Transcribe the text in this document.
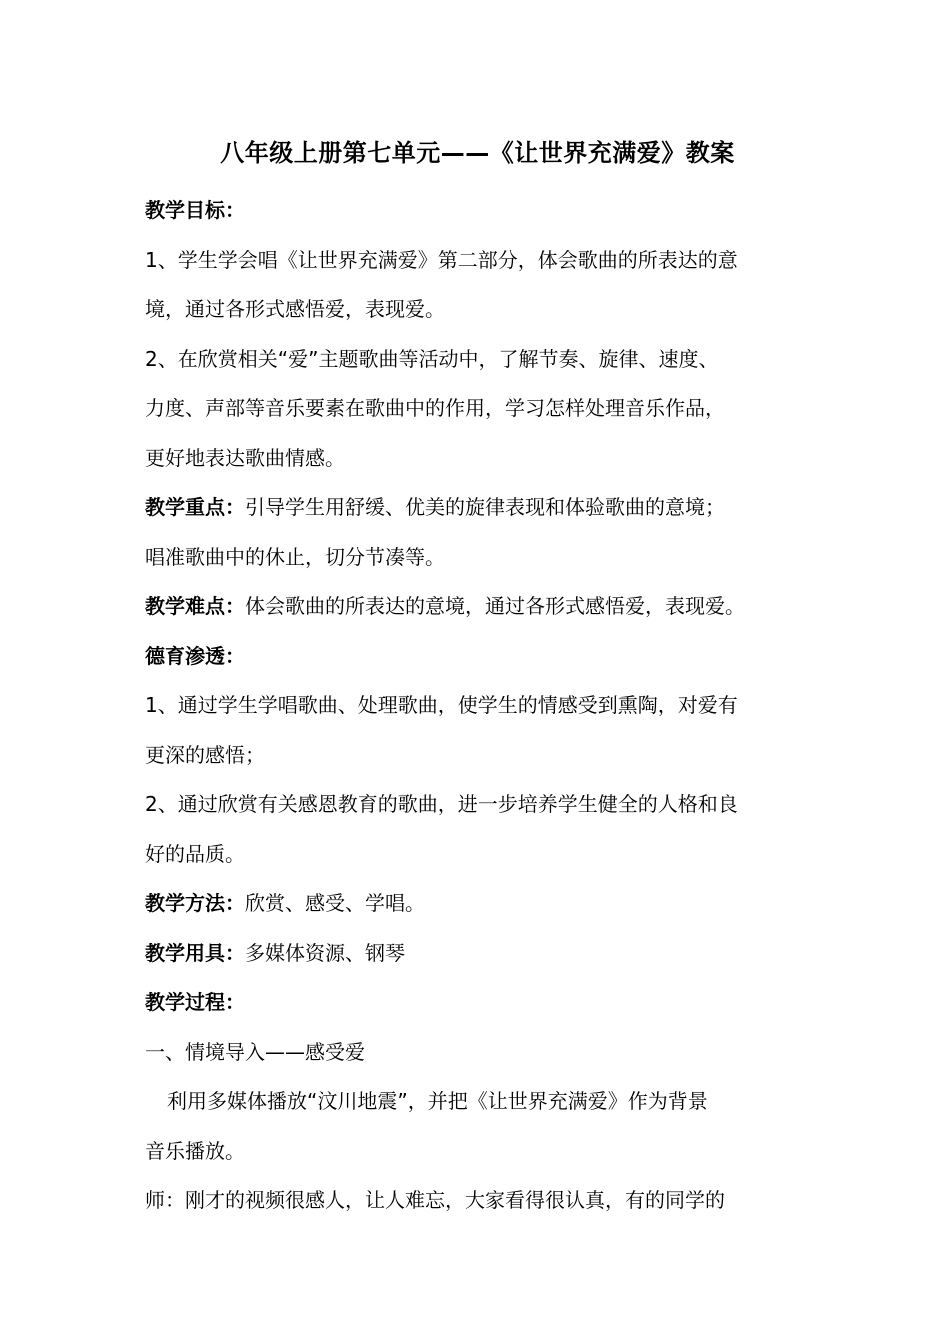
八年级上册第七单元——《让世界充满爱》教案

教学目标：

1、学生学会唱《让世界充满爱》第二部分，体会歌曲的所表达的意

境，通过各形式感悟爱，表现爱。

2、在欣赏相关“爱”主题歌曲等活动中，了解节奏、旋律、速度、

力度、声部等音乐要素在歌曲中的作用，学习怎样处理音乐作品，

更好地表达歌曲情感。

教学重点：引导学生用舒缓、优美的旋律表现和体验歌曲的意境；

唱准歌曲中的休止，切分节凑等。

教学难点：体会歌曲的所表达的意境，通过各形式感悟爱，表现爱。

德育渗透：

1、通过学生学唱歌曲、处理歌曲，使学生的情感受到熏陶，对爱有

更深的感悟；

2、通过欣赏有关感恩教育的歌曲，进一步培养学生健全的人格和良

好的品质。

教学方法：欣赏、感受、学唱。

教学用具：多媒体资源、钢琴

教学过程：

一、情境导入——感受爱

利用多媒体播放“汶川地震”，并把《让世界充满爱》作为背景

音乐播放。

师：刚才的视频很感人，让人难忘，大家看得很认真，有的同学的
